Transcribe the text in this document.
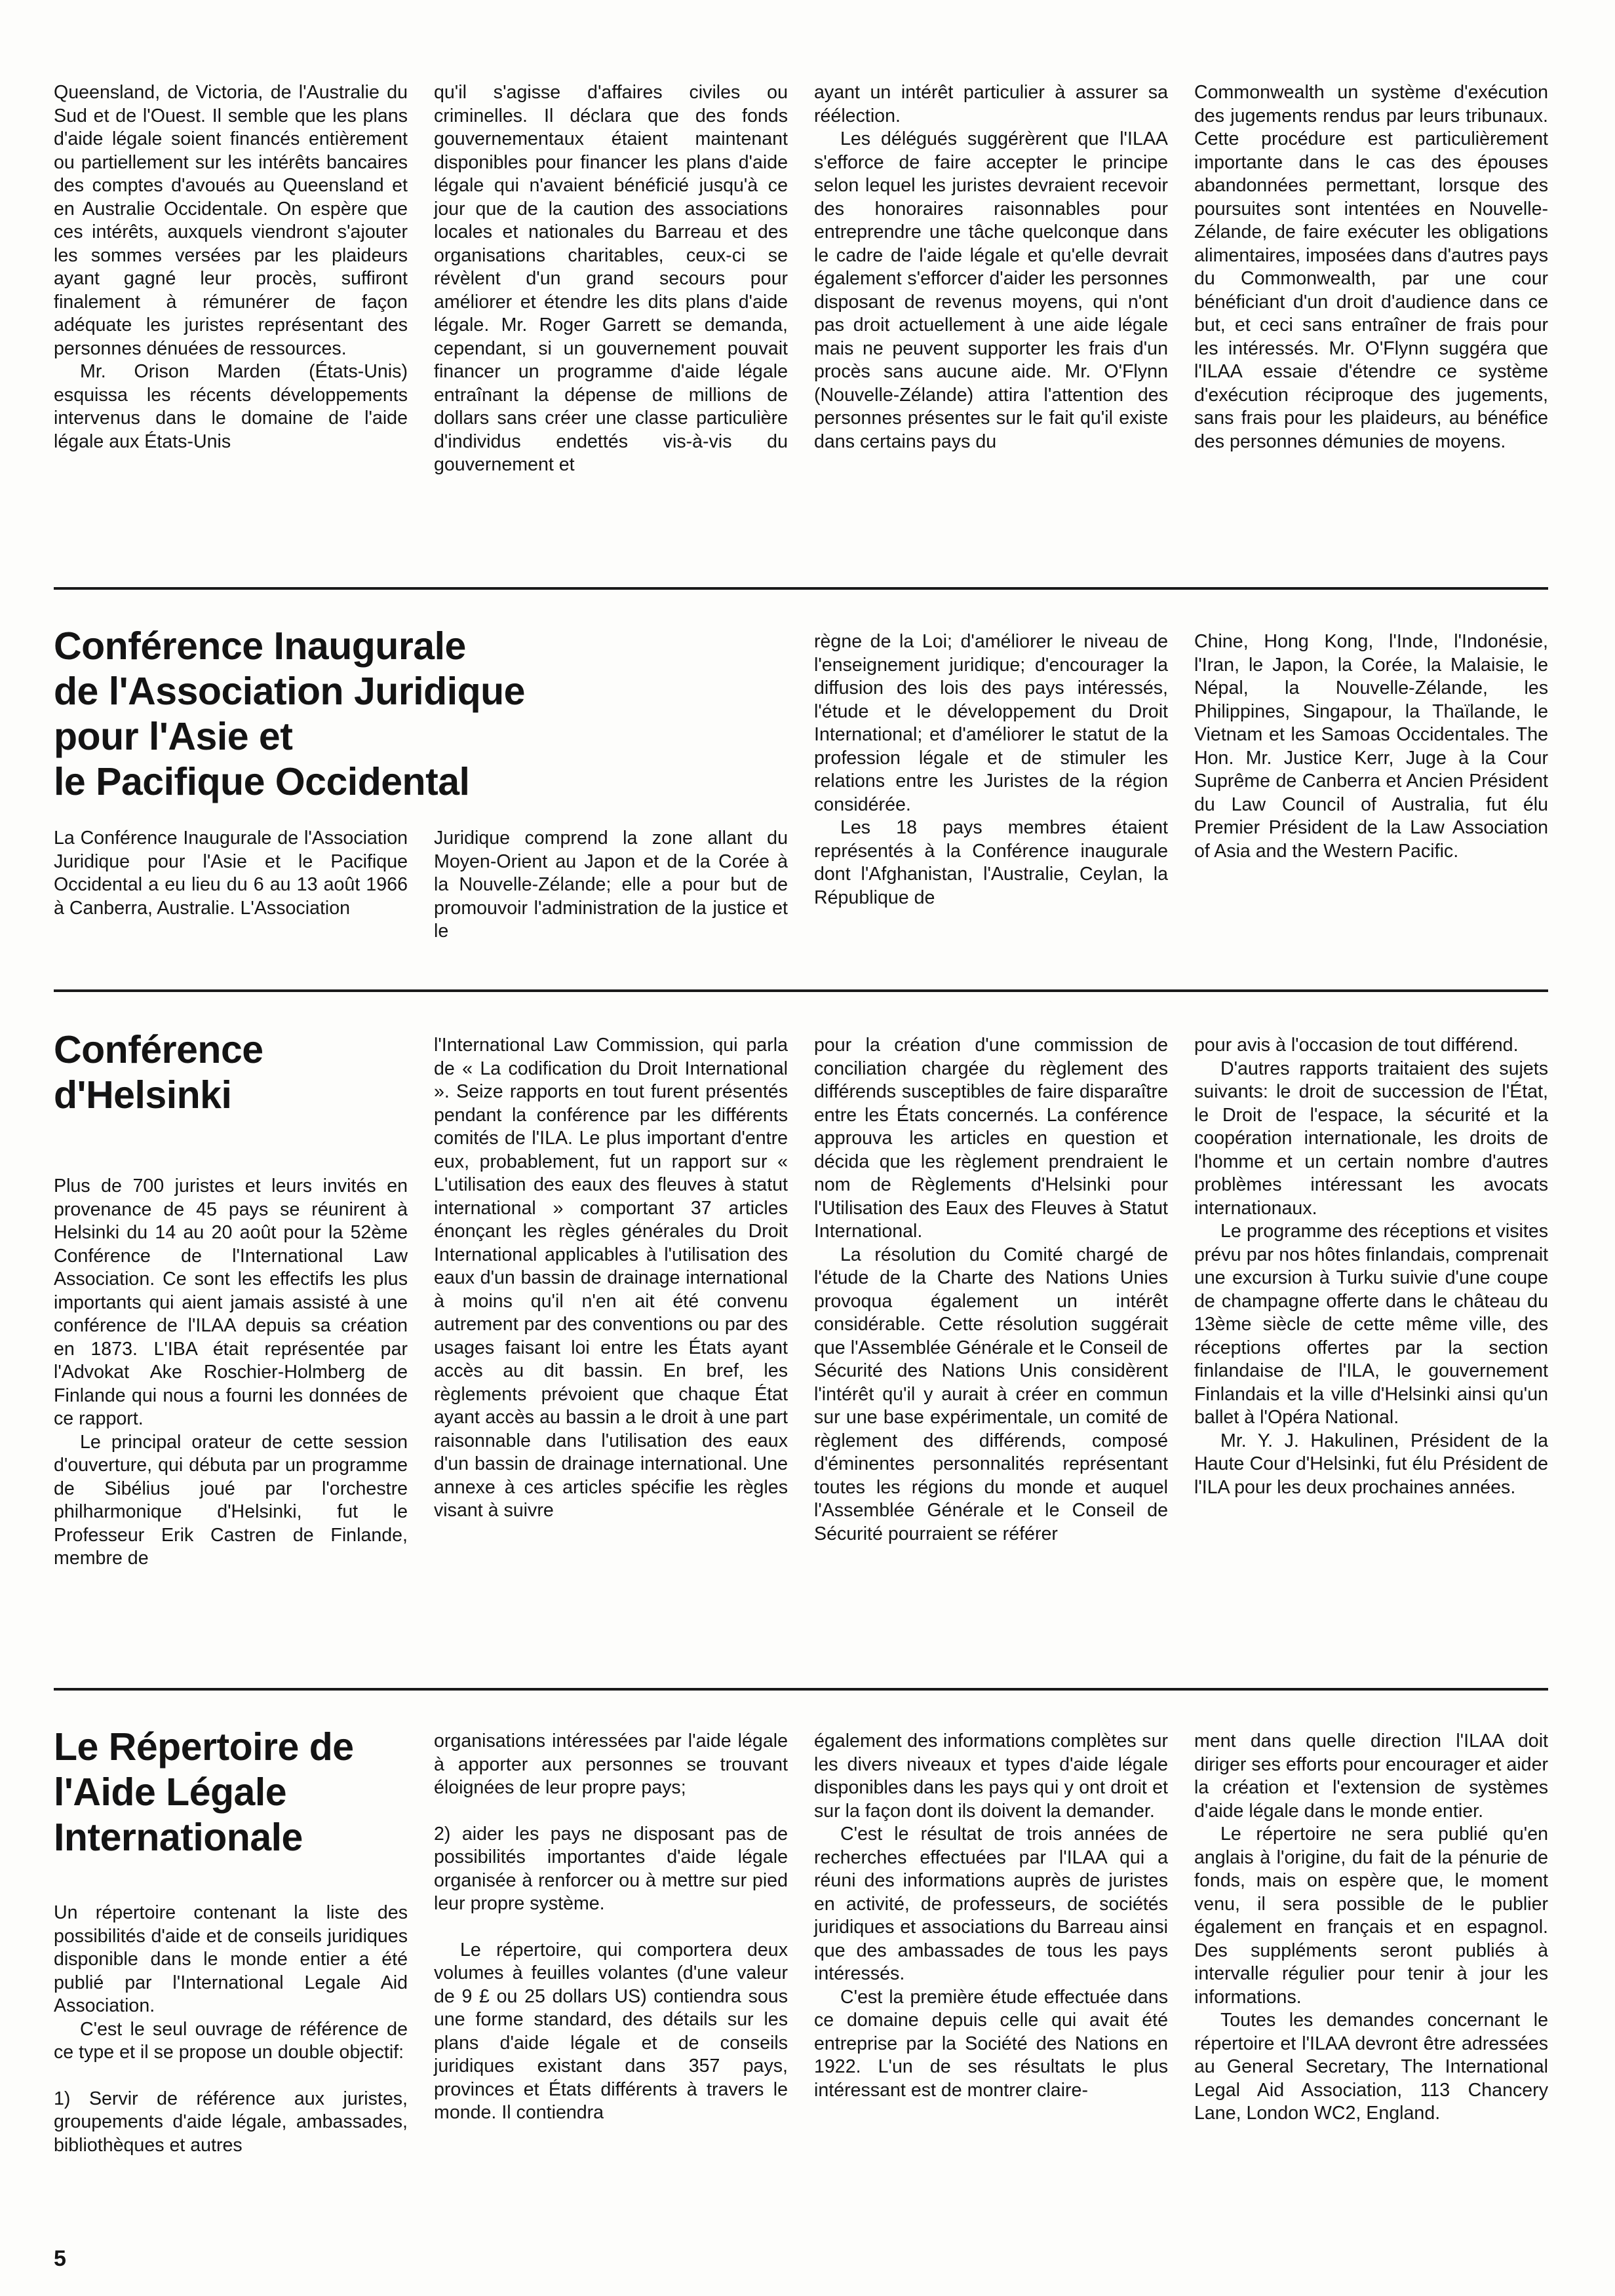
Queensland, de Victoria, de l'Australie du Sud et de l'Ouest. Il semble que les plans d'aide légale soient financés entièrement ou partiellement sur les intérêts bancaires des comptes d'avoués au Queensland et en Australie Occidentale. On espère que ces intérêts, auxquels viendront s'ajouter les sommes versées par les plaideurs ayant gagné leur procès, suffiront finalement à rémunérer de façon adéquate les juristes représentant des personnes dénuées de ressources.

Mr. Orison Marden (États-Unis) esquissa les récents développements intervenus dans le domaine de l'aide légale aux États-Unis

qu'il s'agisse d'affaires civiles ou criminelles. Il déclara que des fonds gouvernementaux étaient maintenant disponibles pour financer les plans d'aide légale qui n'avaient bénéficié jusqu'à ce jour que de la caution des associations locales et nationales du Barreau et des organisations charitables, ceux-ci se révèlent d'un grand secours pour améliorer et étendre les dits plans d'aide légale. Mr. Roger Garrett se demanda, cependant, si un gouvernement pouvait financer un programme d'aide légale entraînant la dépense de millions de dollars sans créer une classe particulière d'individus endettés vis-à-vis du gouvernement et

ayant un intérêt particulier à assurer sa réélection.

Les délégués suggérèrent que l'ILAA s'efforce de faire accepter le principe selon lequel les juristes devraient recevoir des honoraires raisonnables pour entreprendre une tâche quelconque dans le cadre de l'aide légale et qu'elle devrait également s'efforcer d'aider les personnes disposant de revenus moyens, qui n'ont pas droit actuellement à une aide légale mais ne peuvent supporter les frais d'un procès sans aucune aide. Mr. O'Flynn (Nouvelle-Zélande) attira l'attention des personnes présentes sur le fait qu'il existe dans certains pays du

Commonwealth un système d'exécution des jugements rendus par leurs tribunaux. Cette procédure est particulièrement importante dans le cas des épouses abandonnées permettant, lorsque des poursuites sont intentées en Nouvelle-Zélande, de faire exécuter les obligations alimentaires, imposées dans d'autres pays du Commonwealth, par une cour bénéficiant d'un droit d'audience dans ce but, et ceci sans entraîner de frais pour les intéressés. Mr. O'Flynn suggéra que l'ILAA essaie d'étendre ce système d'exécution réciproque des jugements, sans frais pour les plaideurs, au bénéfice des personnes démunies de moyens.

Conférence Inaugurale
de l'Association Juridique
pour l'Asie et
le Pacifique Occidental

La Conférence Inaugurale de l'Association Juridique pour l'Asie et le Pacifique Occidental a eu lieu du 6 au 13 août 1966 à Canberra, Australie. L'Association

Juridique comprend la zone allant du Moyen-Orient au Japon et de la Corée à la Nouvelle-Zélande; elle a pour but de promouvoir l'administration de la justice et le

règne de la Loi; d'améliorer le niveau de l'enseignement juridique; d'encourager la diffusion des lois des pays intéressés, l'étude et le développement du Droit International; et d'améliorer le statut de la profession légale et de stimuler les relations entre les Juristes de la région considérée.

Les 18 pays membres étaient représentés à la Conférence inaugurale dont l'Afghanistan, l'Australie, Ceylan, la République de

Chine, Hong Kong, l'Inde, l'Indonésie, l'Iran, le Japon, la Corée, la Malaisie, le Népal, la Nouvelle-Zélande, les Philippines, Singapour, la Thaïlande, le Vietnam et les Samoas Occidentales. The Hon. Mr. Justice Kerr, Juge à la Cour Suprême de Canberra et Ancien Président du Law Council of Australia, fut élu Premier Président de la Law Association of Asia and the Western Pacific.

Conférence
d'Helsinki

Plus de 700 juristes et leurs invités en provenance de 45 pays se réunirent à Helsinki du 14 au 20 août pour la 52ème Conférence de l'International Law Association. Ce sont les effectifs les plus importants qui aient jamais assisté à une conférence de l'ILAA depuis sa création en 1873. L'IBA était représentée par l'Advokat Ake Roschier-Holmberg de Finlande qui nous a fourni les données de ce rapport.

Le principal orateur de cette session d'ouverture, qui débuta par un programme de Sibélius joué par l'orchestre philharmonique d'Helsinki, fut le Professeur Erik Castren de Finlande, membre de

l'International Law Commission, qui parla de « La codification du Droit International ». Seize rapports en tout furent présentés pendant la conférence par les différents comités de l'ILA. Le plus important d'entre eux, probablement, fut un rapport sur « L'utilisation des eaux des fleuves à statut international » comportant 37 articles énonçant les règles générales du Droit International applicables à l'utilisation des eaux d'un bassin de drainage international à moins qu'il n'en ait été convenu autrement par des conventions ou par des usages faisant loi entre les États ayant accès au dit bassin. En bref, les règlements prévoient que chaque État ayant accès au bassin a le droit à une part raisonnable dans l'utilisation des eaux d'un bassin de drainage international. Une annexe à ces articles spécifie les règles visant à suivre

pour la création d'une commission de conciliation chargée du règlement des différends susceptibles de faire disparaître entre les États concernés. La conférence approuva les articles en question et décida que les règlement prendraient le nom de Règlements d'Helsinki pour l'Utilisation des Eaux des Fleuves à Statut International.

La résolution du Comité chargé de l'étude de la Charte des Nations Unies provoqua également un intérêt considérable. Cette résolution suggérait que l'Assemblée Générale et le Conseil de Sécurité des Nations Unis considèrent l'intérêt qu'il y aurait à créer en commun sur une base expérimentale, un comité de règlement des différends, composé d'éminentes personnalités représentant toutes les régions du monde et auquel l'Assemblée Générale et le Conseil de Sécurité pourraient se référer

pour avis à l'occasion de tout différend.

D'autres rapports traitaient des sujets suivants: le droit de succession de l'État, le Droit de l'espace, la sécurité et la coopération internationale, les droits de l'homme et un certain nombre d'autres problèmes intéressant les avocats internationaux.

Le programme des réceptions et visites prévu par nos hôtes finlandais, comprenait une excursion à Turku suivie d'une coupe de champagne offerte dans le château du 13ème siècle de cette même ville, des réceptions offertes par la section finlandaise de l'ILA, le gouvernement Finlandais et la ville d'Helsinki ainsi qu'un ballet à l'Opéra National.

Mr. Y. J. Hakulinen, Président de la Haute Cour d'Helsinki, fut élu Président de l'ILA pour les deux prochaines années.

Le Répertoire de
l'Aide Légale
Internationale

Un répertoire contenant la liste des possibilités d'aide et de conseils juridiques disponible dans le monde entier a été publié par l'International Legale Aid Association.

C'est le seul ouvrage de référence de ce type et il se propose un double objectif:

1) Servir de référence aux juristes, groupements d'aide légale, ambassades, bibliothèques et autres

organisations intéressées par l'aide légale à apporter aux personnes se trouvant éloignées de leur propre pays;

2) aider les pays ne disposant pas de possibilités importantes d'aide légale organisée à renforcer ou à mettre sur pied leur propre système.

Le répertoire, qui comportera deux volumes à feuilles volantes (d'une valeur de 9 £ ou 25 dollars US) contiendra sous une forme standard, des détails sur les plans d'aide légale et de conseils juridiques existant dans 357 pays, provinces et États différents à travers le monde. Il contiendra

également des informations complètes sur les divers niveaux et types d'aide légale disponibles dans les pays qui y ont droit et sur la façon dont ils doivent la demander.

C'est le résultat de trois années de recherches effectuées par l'ILAA qui a réuni des informations auprès de juristes en activité, de professeurs, de sociétés juridiques et associations du Barreau ainsi que des ambassades de tous les pays intéressés.

C'est la première étude effectuée dans ce domaine depuis celle qui avait été entreprise par la Société des Nations en 1922. L'un de ses résultats le plus intéressant est de montrer claire-

ment dans quelle direction l'ILAA doit diriger ses efforts pour encourager et aider la création et l'extension de systèmes d'aide légale dans le monde entier.

Le répertoire ne sera publié qu'en anglais à l'origine, du fait de la pénurie de fonds, mais on espère que, le moment venu, il sera possible de le publier également en français et en espagnol. Des suppléments seront publiés à intervalle régulier pour tenir à jour les informations.

Toutes les demandes concernant le répertoire et l'ILAA devront être adressées au General Secretary, The International Legal Aid Association, 113 Chancery Lane, London WC2, England.

5
